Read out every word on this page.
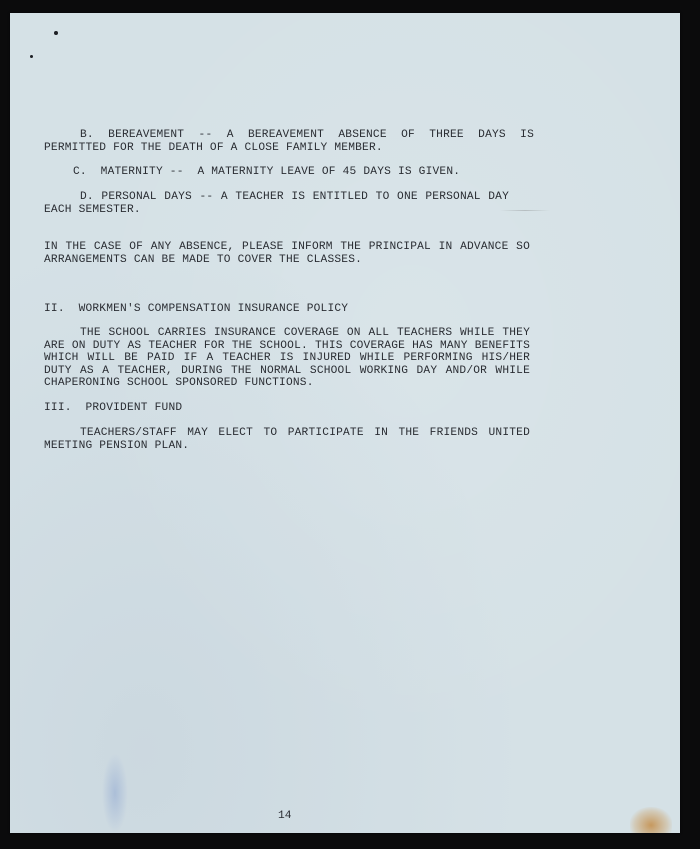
B. BEREAVEMENT -- A BEREAVEMENT ABSENCE OF THREE DAYS IS PERMITTED FOR THE DEATH OF A CLOSE FAMILY MEMBER.
C.  MATERNITY --  A MATERNITY LEAVE OF 45 DAYS IS GIVEN.
D. PERSONAL DAYS -- A TEACHER IS ENTITLED TO ONE PERSONAL DAY EACH SEMESTER.
IN THE CASE OF ANY ABSENCE, PLEASE INFORM THE PRINCIPAL IN ADVANCE SO ARRANGEMENTS CAN BE MADE TO COVER THE CLASSES.
II.  WORKMEN'S COMPENSATION INSURANCE POLICY
THE SCHOOL CARRIES INSURANCE COVERAGE ON ALL TEACHERS WHILE THEY ARE ON DUTY AS TEACHER FOR THE SCHOOL. THIS COVERAGE HAS MANY BENEFITS WHICH WILL BE PAID IF A TEACHER IS INJURED WHILE PERFORMING HIS/HER DUTY AS A TEACHER, DURING THE NORMAL SCHOOL WORKING DAY AND/OR WHILE CHAPERONING SCHOOL SPONSORED FUNCTIONS.
III.  PROVIDENT FUND
TEACHERS/STAFF MAY ELECT TO PARTICIPATE IN THE FRIENDS UNITED MEETING PENSION PLAN.
14
